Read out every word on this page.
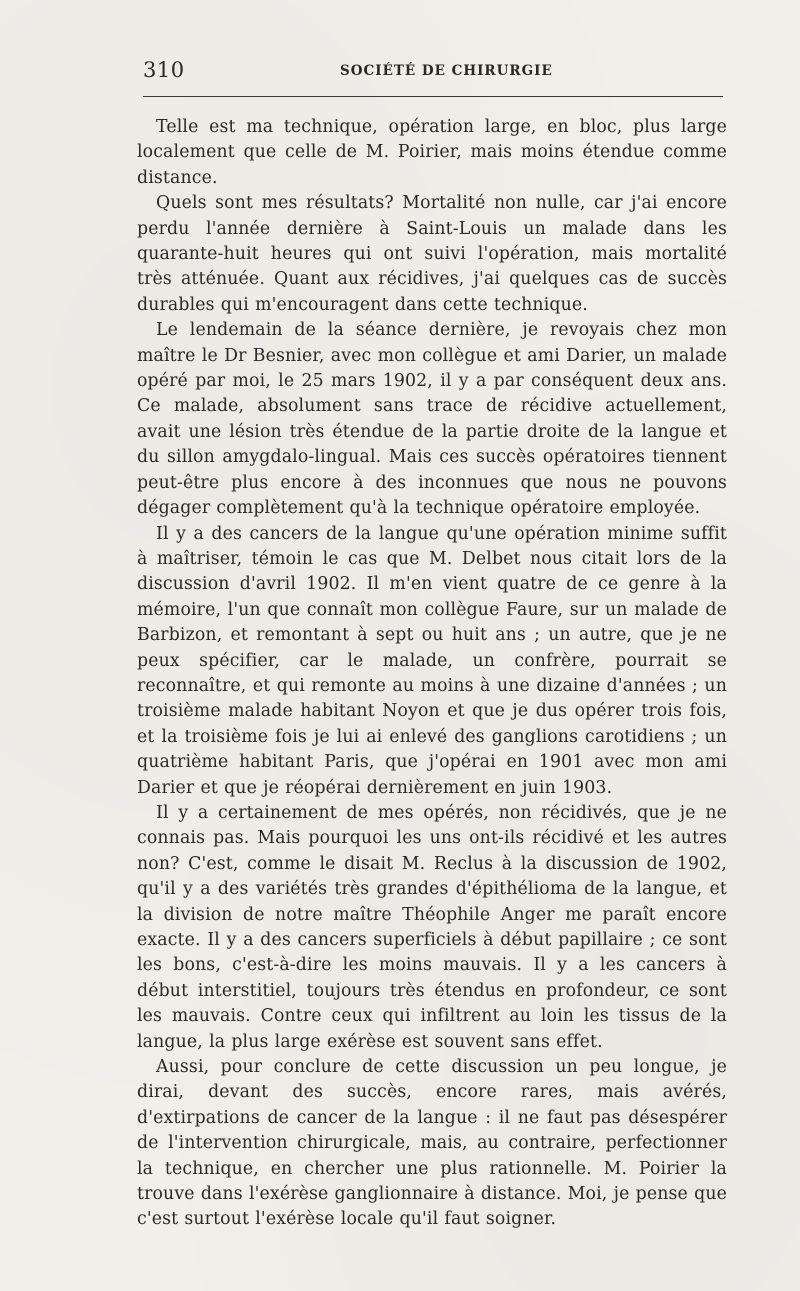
310	SOCIÉTÉ DE CHIRURGIE

Telle est ma technique, opération large, en bloc, plus large localement que celle de M. Poirier, mais moins étendue comme distance.

Quels sont mes résultats? Mortalité non nulle, car j'ai encore perdu l'année dernière à Saint-Louis un malade dans les quarante-huit heures qui ont suivi l'opération, mais mortalité très atténuée. Quant aux récidives, j'ai quelques cas de succès durables qui m'encouragent dans cette technique.

Le lendemain de la séance dernière, je revoyais chez mon maître le Dr Besnier, avec mon collègue et ami Darier, un malade opéré par moi, le 25 mars 1902, il y a par conséquent deux ans. Ce malade, absolument sans trace de récidive actuellement, avait une lésion très étendue de la partie droite de la langue et du sillon amygdalo-lingual. Mais ces succès opératoires tiennent peut-être plus encore à des inconnues que nous ne pouvons dégager complètement qu'à la technique opératoire employée.

Il y a des cancers de la langue qu'une opération minime suffit à maîtriser, témoin le cas que M. Delbet nous citait lors de la discussion d'avril 1902. Il m'en vient quatre de ce genre à la mémoire, l'un que connaît mon collègue Faure, sur un malade de Barbizon, et remontant à sept ou huit ans ; un autre, que je ne peux spécifier, car le malade, un confrère, pourrait se reconnaître, et qui remonte au moins à une dizaine d'années ; un troisième malade habitant Noyon et que je dus opérer trois fois, et la troisième fois je lui ai enlevé des ganglions carotidiens ; un quatrième habitant Paris, que j'opérai en 1901 avec mon ami Darier et que je réopérai dernièrement en juin 1903.

Il y a certainement de mes opérés, non récidivés, que je ne connais pas. Mais pourquoi les uns ont-ils récidivé et les autres non? C'est, comme le disait M. Reclus à la discussion de 1902, qu'il y a des variétés très grandes d'épithélioma de la langue, et la division de notre maître Théophile Anger me paraît encore exacte. Il y a des cancers superficiels à début papillaire ; ce sont les bons, c'est-à-dire les moins mauvais. Il y a les cancers à début interstitiel, toujours très étendus en profondeur, ce sont les mauvais. Contre ceux qui infiltrent au loin les tissus de la langue, la plus large exérèse est souvent sans effet.

Aussi, pour conclure de cette discussion un peu longue, je dirai, devant des succès, encore rares, mais avérés, d'extirpations de cancer de la langue : il ne faut pas désespérer de l'intervention chirurgicale, mais, au contraire, perfectionner la technique, en chercher une plus rationnelle. M. Poirier la trouve dans l'exérèse ganglionnaire à distance. Moi, je pense que c'est surtout l'exérèse locale qu'il faut soigner.
